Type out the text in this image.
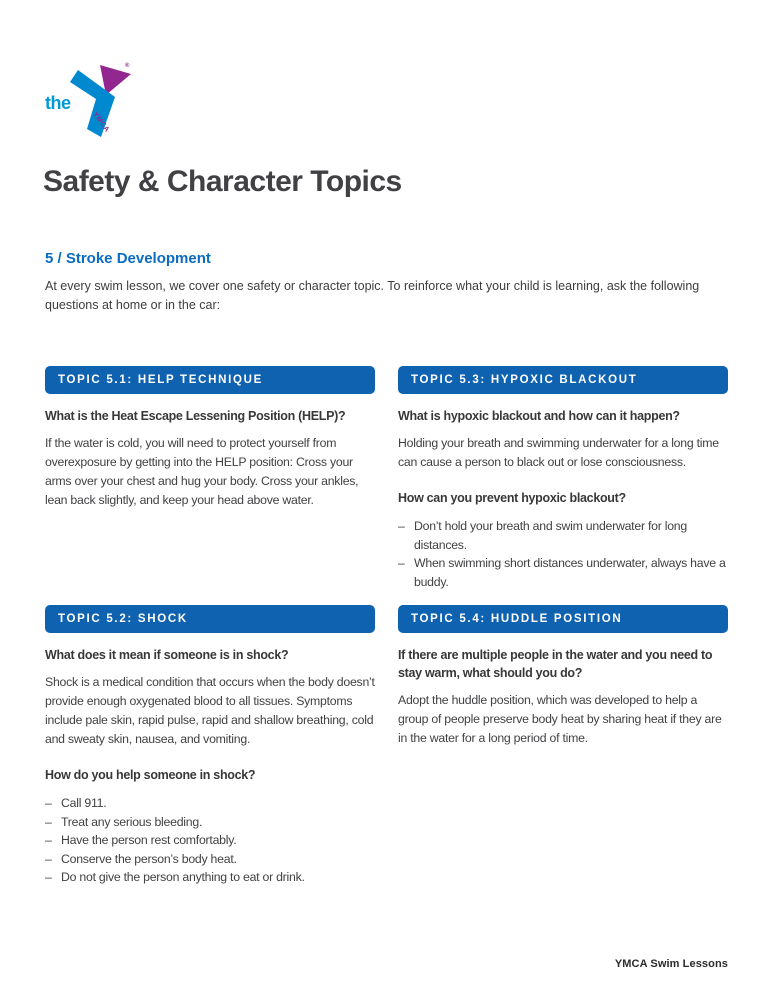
the
YMCA
®
Safety & Character Topics
5 / Stroke Development
At every swim lesson, we cover one safety or character topic. To reinforce what your child is learning, ask the following questions at home or in the car:
TOPIC 5.1: HELP TECHNIQUE
What is the Heat Escape Lessening Position (HELP)?
If the water is cold, you will need to protect yourself from overexposure by getting into the HELP position: Cross your arms over your chest and hug your body. Cross your ankles, lean back slightly, and keep your head above water.
TOPIC 5.3: HYPOXIC BLACKOUT
What is hypoxic blackout and how can it happen?
Holding your breath and swimming underwater for a long time can cause a person to black out or lose consciousness.
How can you prevent hypoxic blackout?
– Don’t hold your breath and swim underwater for long distances.
– When swimming short distances underwater, always have a buddy.
TOPIC 5.2: SHOCK
What does it mean if someone is in shock?
Shock is a medical condition that occurs when the body doesn’t provide enough oxygenated blood to all tissues. Symptoms include pale skin, rapid pulse, rapid and shallow breathing, cold and sweaty skin, nausea, and vomiting.
How do you help someone in shock?
– Call 911.
– Treat any serious bleeding.
– Have the person rest comfortably.
– Conserve the person’s body heat.
– Do not give the person anything to eat or drink.
TOPIC 5.4: HUDDLE POSITION
If there are multiple people in the water and you need to stay warm, what should you do?
Adopt the huddle position, which was developed to help a group of people preserve body heat by sharing heat if they are in the water for a long period of time.
YMCA Swim Lessons
